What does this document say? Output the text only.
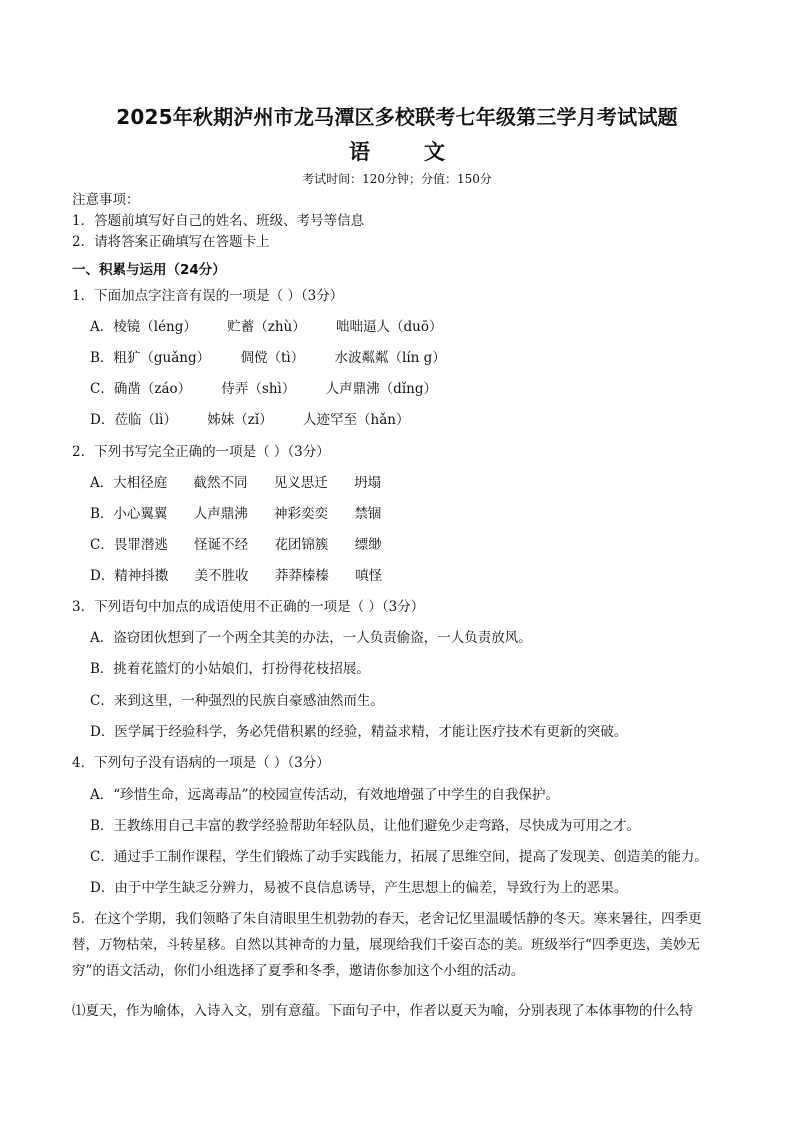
2025年秋期泸州市龙马潭区多校联考七年级第三学月考试试题
语文
考试时间：120分钟；分值：150分
注意事项：
1．答题前填写好自己的姓名、班级、考号等信息
2．请将答案正确填写在答题卡上
一、积累与运用（24分）
1．下面加点字注音有误的一项是（ ）（3分）
A．棱镜（léng） 贮蓄（zhù） 咄咄逼人（duō）
B．粗犷（guǎng） 倜傥（tì） 水波粼粼（lín g）
C．确凿（záo） 侍弄（shì） 人声鼎沸（dǐng）
D．莅临（lì） 姊妹（zǐ） 人迹罕至（hǎn）
2．下列书写完全正确的一项是（ ）（3分）
A．大相径庭 截然不同 见义思迁 坍塌
B．小心翼翼 人声鼎沸 神彩奕奕 禁锢
C．畏罪潜逃 怪诞不经 花团锦簇 缥缈
D．精神抖擞 美不胜收 莽莽榛榛 嗔怪
3．下列语句中加点的成语使用不正确的一项是（ ）（3分）
A．盗窃团伙想到了一个两全其美的办法，一人负责偷盗，一人负责放风。
B．挑着花篮灯的小姑娘们，打扮得花枝招展。
C．来到这里，一种强烈的民族自豪感油然而生。
D．医学属于经验科学，务必凭借积累的经验，精益求精，才能让医疗技术有更新的突破。
4．下列句子没有语病的一项是（ ）（3分）
A．“珍惜生命，远离毒品”的校园宣传活动，有效地增强了中学生的自我保护。
B．王教练用自己丰富的教学经验帮助年轻队员，让他们避免少走弯路，尽快成为可用之才。
C．通过手工制作课程，学生们锻炼了动手实践能力，拓展了思维空间，提高了发现美、创造美的能力。
D．由于中学生缺乏分辨力，易被不良信息诱导，产生思想上的偏差，导致行为上的恶果。
5．在这个学期，我们领略了朱自清眼里生机勃勃的春天，老舍记忆里温暖恬静的冬天。寒来暑往，四季更替，万物枯荣，斗转星移。自然以其神奇的力量，展现给我们千姿百态的美。班级举行“四季更迭，美妙无穷”的语文活动，你们小组选择了夏季和冬季，邀请你参加这个小组的活动。
⑴夏天，作为喻体，入诗入文，别有意蕴。下面句子中，作者以夏天为喻，分别表现了本体事物的什么特
